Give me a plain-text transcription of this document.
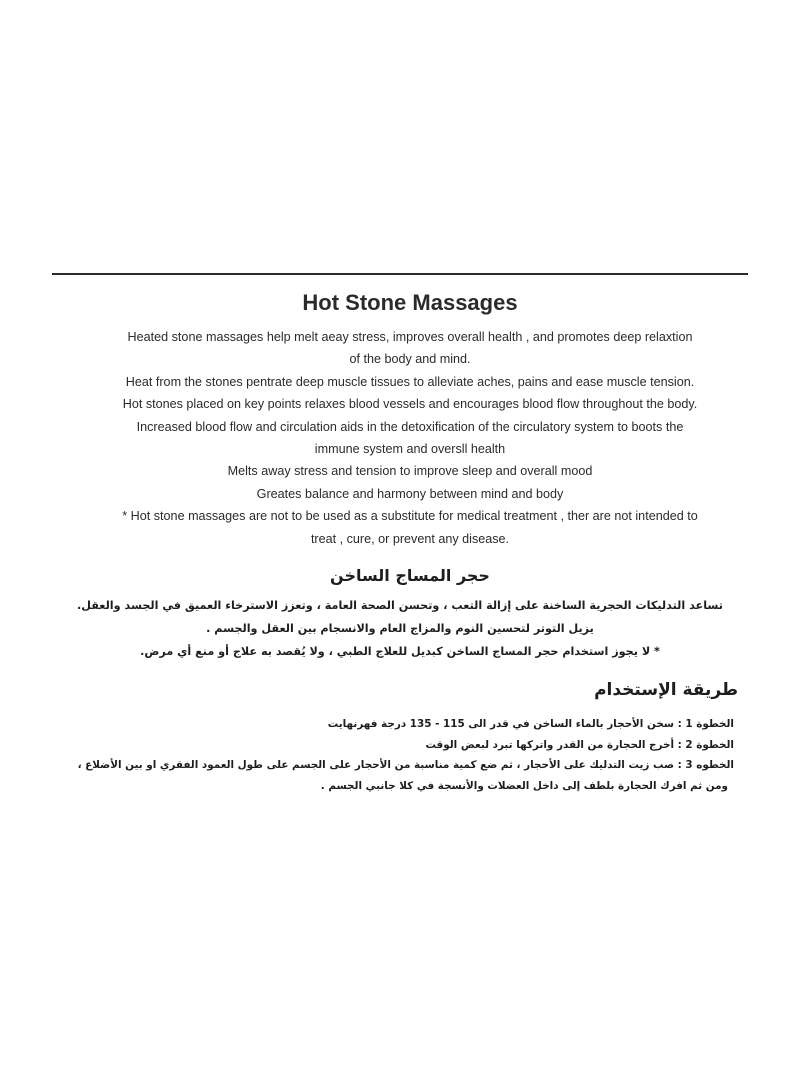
Hot Stone Massages
Heated stone massages help melt aeay stress, improves overall health , and promotes deep relaxtion
of the body and mind.
Heat from the stones pentrate deep muscle tissues to alleviate aches, pains and ease muscle tension.
Hot stones placed on key points relaxes blood vessels and encourages blood flow throughout the body.
Increased blood flow and circulation aids in the detoxification of the circulatory system to boots the
immune system and oversll health
Melts away stress and tension to improve sleep and overall mood
Greates balance and harmony between mind and body
* Hot stone massages are not to be used as a substitute for medical treatment , ther are not intended to
treat , cure, or prevent any disease.
حجر المساج الساخن
تساعد التدليكات الحجرية الساخنة على إزالة التعب ، وتحسن الصحة العامة ، وتعزز الاسترخاء العميق في الجسد والعقل.
يزيل التوتر لتحسين النوم والمزاج العام والانسجام بين العقل والجسم .
* لا يجوز استخدام حجر المساج الساخن كبديل للعلاج الطبي ، ولا يُقصد به علاج أو منع أي مرض.
طريقة الإستخدام
الخطوة 1 : سخن الأحجار بالماء الساخن في قدر الى 115 - 135 درجة فهرنهايت
الخطوة 2 : أخرج الحجارة من القدر واتركها تبرد لبعض الوقت
الخطوه 3 : صب زيت التدليك على الأحجار ، ثم ضع كمية مناسبة من الأحجار على الجسم على طول العمود الفقري او بين الأضلاع ،
ومن ثم افرك الحجارة بلطف إلى داخل العضلات والأنسجة في كلا جانبي الجسم .
